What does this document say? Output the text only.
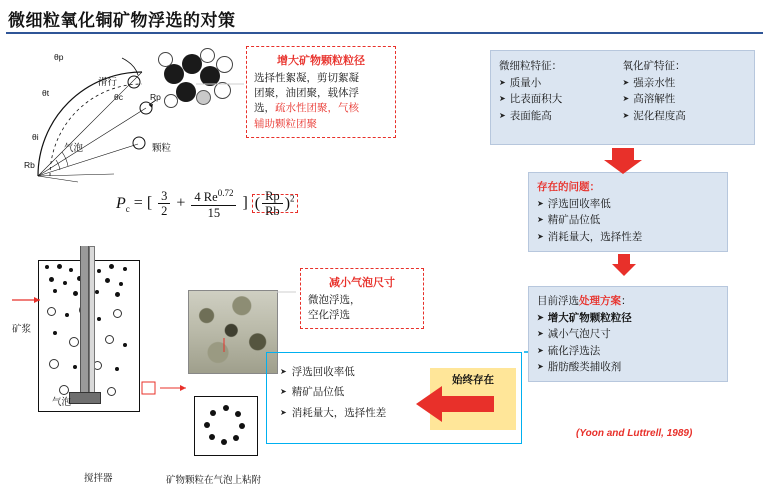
微细粒氧化铜矿物浮选的对策
θp
θt	θc
θi
Rp
Rb
滑行
气泡	颗粒
$P_c$ = [ $\frac{3}{2} + \frac{4 Re^{0.72}}{15}$ ] ( $\frac{Rp}{Rb} )^2$
矿浆
气泡
搅拌器	矿物颗粒在气泡上粘附
增大矿物颗粒粒径
选择性絮凝，剪切絮凝
团聚，油团聚，载体浮
选，疏水性团聚，气核
辅助颗粒团聚
减小气泡尺寸
微泡浮选，
空化浮选
微细粒特征：
➤ 质量小
➤ 比表面积大
➤ 表面能高
氧化矿特征：
➤ 强亲水性
➤ 高溶解性
➤ 泥化程度高
存在的问题：
➤ 浮选回收率低
➤ 精矿品位低
➤ 消耗量大，选择性差
目前浮选处理方案：
➤ 增大矿物颗粒粒径
➤ 减小气泡尺寸
➤ 硫化浮选法
➤ 脂肪酸类捕收剂
(Yoon and Luttrell, 1989)
➤ 浮选回收率低
➤ 精矿品位低
➤ 消耗量大，选择性差
始终存在
